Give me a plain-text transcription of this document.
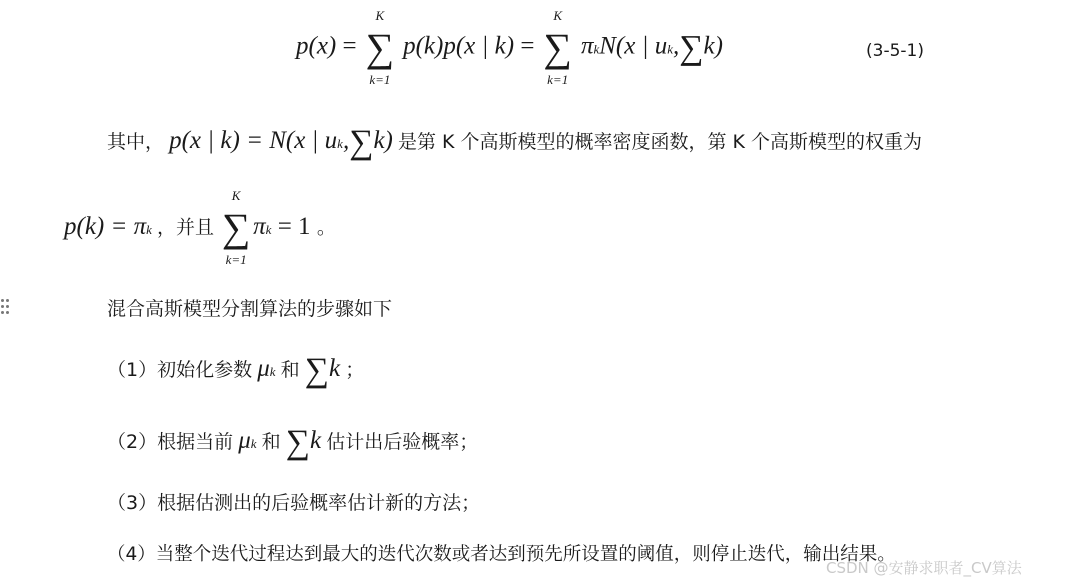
p(x) =
K
∑
k=1
p(k)p(x | k) =
K
∑
k=1
πkN(x | uk,∑k)	(3-5-1)
其中， p(x | k) = N(x | uk,∑k) 是第 K 个高斯模型的概率密度函数，第 K 个高斯模型的权重为
p(k) = πk ，并且
K
∑
k=1
πk = 1 。
混合高斯模型分割算法的步骤如下
（1）初始化参数 μk 和 ∑k ；
（2）根据当前 μk 和 ∑k 估计出后验概率；
（3）根据估测出的后验概率估计新的方法；
（4）当整个迭代过程达到最大的迭代次数或者达到预先所设置的阈值，则停止迭代，输出结果。
CSDN @安静求职者_CV算法
